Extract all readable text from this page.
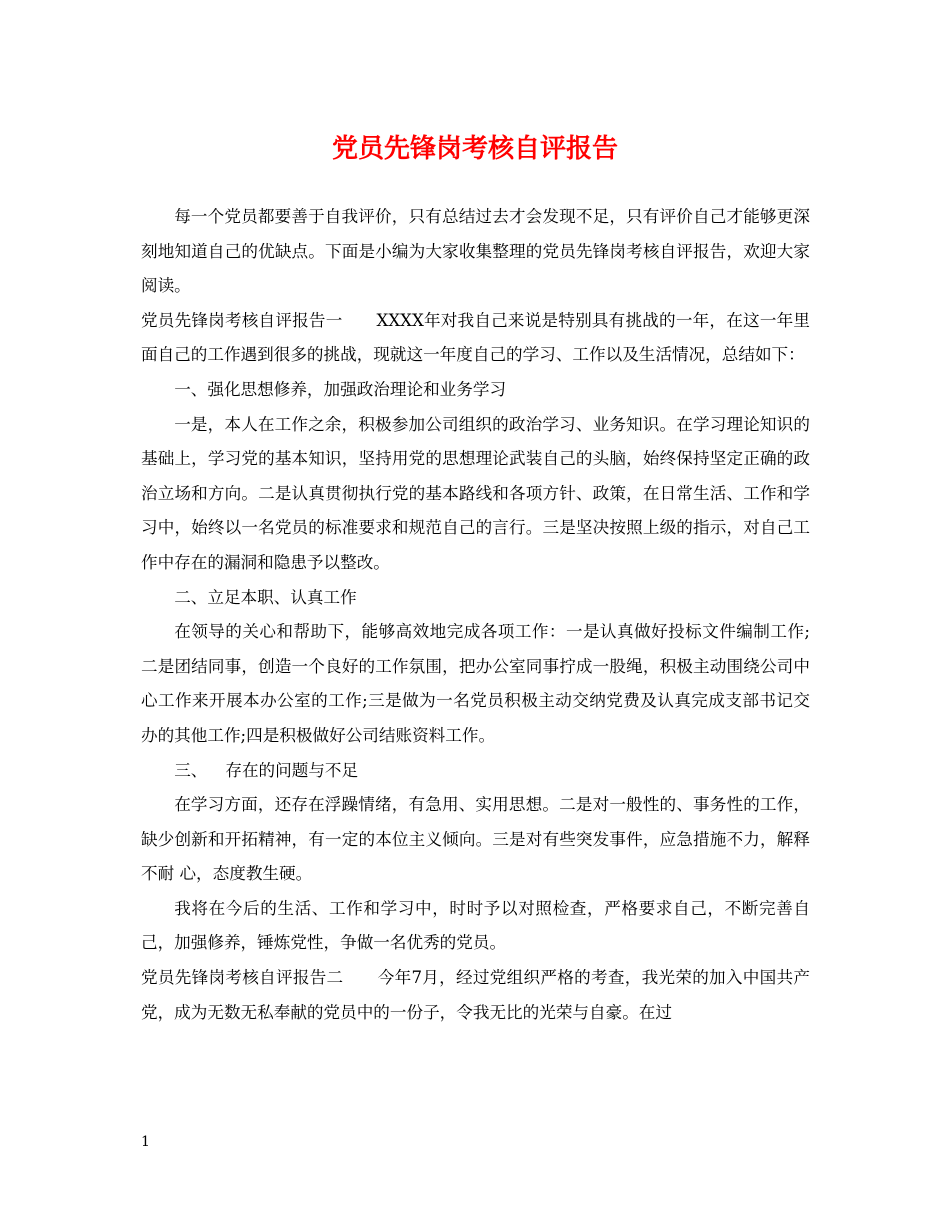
党员先锋岗考核自评报告

每一个党员都要善于自我评价，只有总结过去才会发现不足，只有评价自己才能够更深刻地知道自己的优缺点。下面是小编为大家收集整理的党员先锋岗考核自评报告，欢迎大家阅读。

党员先锋岗考核自评报告一 XXXX年对我自己来说是特别具有挑战的一年，在这一年里面自己的工作遇到很多的挑战，现就这一年度自己的学习、工作以及生活情况，总结如下：

一、强化思想修养，加强政治理论和业务学习

一是，本人在工作之余，积极参加公司组织的政治学习、业务知识。在学习理论知识的基础上，学习党的基本知识，坚持用党的思想理论武装自己的头脑，始终保持坚定正确的政治立场和方向。二是认真贯彻执行党的基本路线和各项方针、政策，在日常生活、工作和学习中，始终以一名党员的标准要求和规范自己的言行。三是坚决按照上级的指示，对自己工作中存在的漏洞和隐患予以整改。

二、立足本职、认真工作

在领导的关心和帮助下，能够高效地完成各项工作：一是认真做好投标文件编制工作;二是团结同事，创造一个良好的工作氛围，把办公室同事拧成一股绳，积极主动围绕公司中心工作来开展本办公室的工作;三是做为一名党员积极主动交纳党费及认真完成支部书记交办的其他工作;四是积极做好公司结账资料工作。

三、 存在的问题与不足

在学习方面，还存在浮躁情绪，有急用、实用思想。二是对一般性的、事务性的工作，缺少创新和开拓精神，有一定的本位主义倾向。三是对有些突发事件，应急措施不力，解释不耐 心，态度教生硬。

我将在今后的生活、工作和学习中，时时予以对照检查，严格要求自己，不断完善自己，加强修养，锤炼党性，争做一名优秀的党员。

党员先锋岗考核自评报告二 今年7月，经过党组织严格的考查，我光荣的加入中国共产党，成为无数无私奉献的党员中的一份子，令我无比的光荣与自豪。在过

1
